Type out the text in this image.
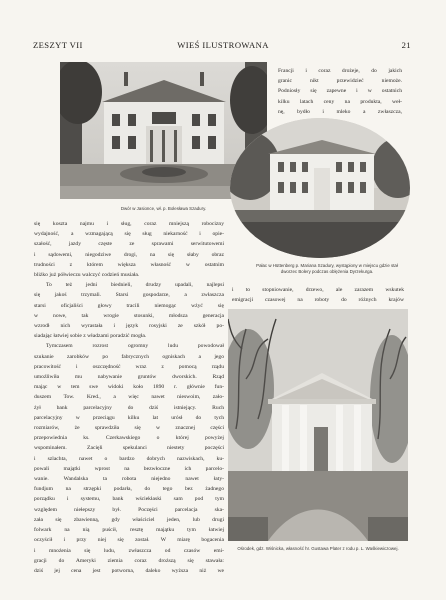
ZESZYT VII	WIEŚ ILUSTROWANA	21
Dwór w Jasionce, wł. p. Bolesława Szadury.
Francji i coraz drożeje, do jakich
granic nikt przewidzieć niemoże.
Podniosły się zapewne i w ostatnich
kilku latach ceny na produkta, weł-
nę, bydło i mleko a zwłaszcza,
Pałac w Hüttenberg p. Mariana Szadury, wystąpiony w miejscu gdzie stał dworzec Bolery podczas oblężenia Dyrzekurga.
i to stopniowanie, drzewo, ale zarazem wskutek
emigracji czasowej na roboty do różnych krajów
Ośrodek, gdz. Wiśnicka, własność hr. Gustawa Plater z rodu p. L. Waśkiewiczowej.
się koszta najmu i sług, coraz mniejszą robocizny
wydajność, a wzmagającą się sług niekarność i opie-
szałość, jazdy częste ze sprawami serwitutowemi
i sądowemi, niegodziwe drogi, na się słaby obraz
trudności z którem większa własność w ostatnim
bliżko już półwieczu walczyć codzień musiała.
To też jedni biednieli, drudzy upadali, najlepsi
się jakoś trzymali. Starsi gospodarze, a zwłaszcza
starsi oficjaliści głowy tracili niemogąc wżyć się
w nowe, tak wrogie stosunki, młodsza generacja
wzrodł nich wyrastała i język rosyjski ze szkół po-
siadając łatwiej sobie z władzami poradzić mogła.
Tymczasem rozrost ogromny ludu powodował
szukanie zarobków po fabrycznych ogniskach a jego
pracowitość i oszczędność wraz z pomocą rządu
umożliwiła mu nabywanie gruntów dworskich. Rząd
mając w tem swe widoki koło 1890 r. głównie fun-
duszem Tow. Kred., a więc nawet nieswoim, zało-
żył bank parcelacyjny do dziś istniejący. Ruch
parcelacyjny w przeciągu kilku lat urósł do tych
rozmiarów, że sprawdziła się w znacznej części
przepowiednia ks. Czerkawskiego o której powyżej
wspominałem. Zacięli spekulanci niestety poczęści
i szlachta, nawet o bardzo dobrych nazwiskach, ku-
powali majątki wprost na bezwłoczne ich parcelo-
wanie. Wandalska ta robota niejedno nawet łaty-
fundjum na strzępki podarła, do tego bez żadnego
porządku i systemu, bank wściekłaski sam pod tym
względem niełepszy był. Poczęści parcelacja ska-
zała się zbawienną, gdy właściciel jeden, lub drugi
folwark na nią puścił, resztę majątku tym łatwiej
oczyścił i przy niej się został. W miarę bogacenia
i mnożenia się ludu, zwłaszcza od czasów emi-
gracji do Ameryki ziemia coraz droższą się stawała:
dziś jej cena jest potworna, daleko wyższa niż we
